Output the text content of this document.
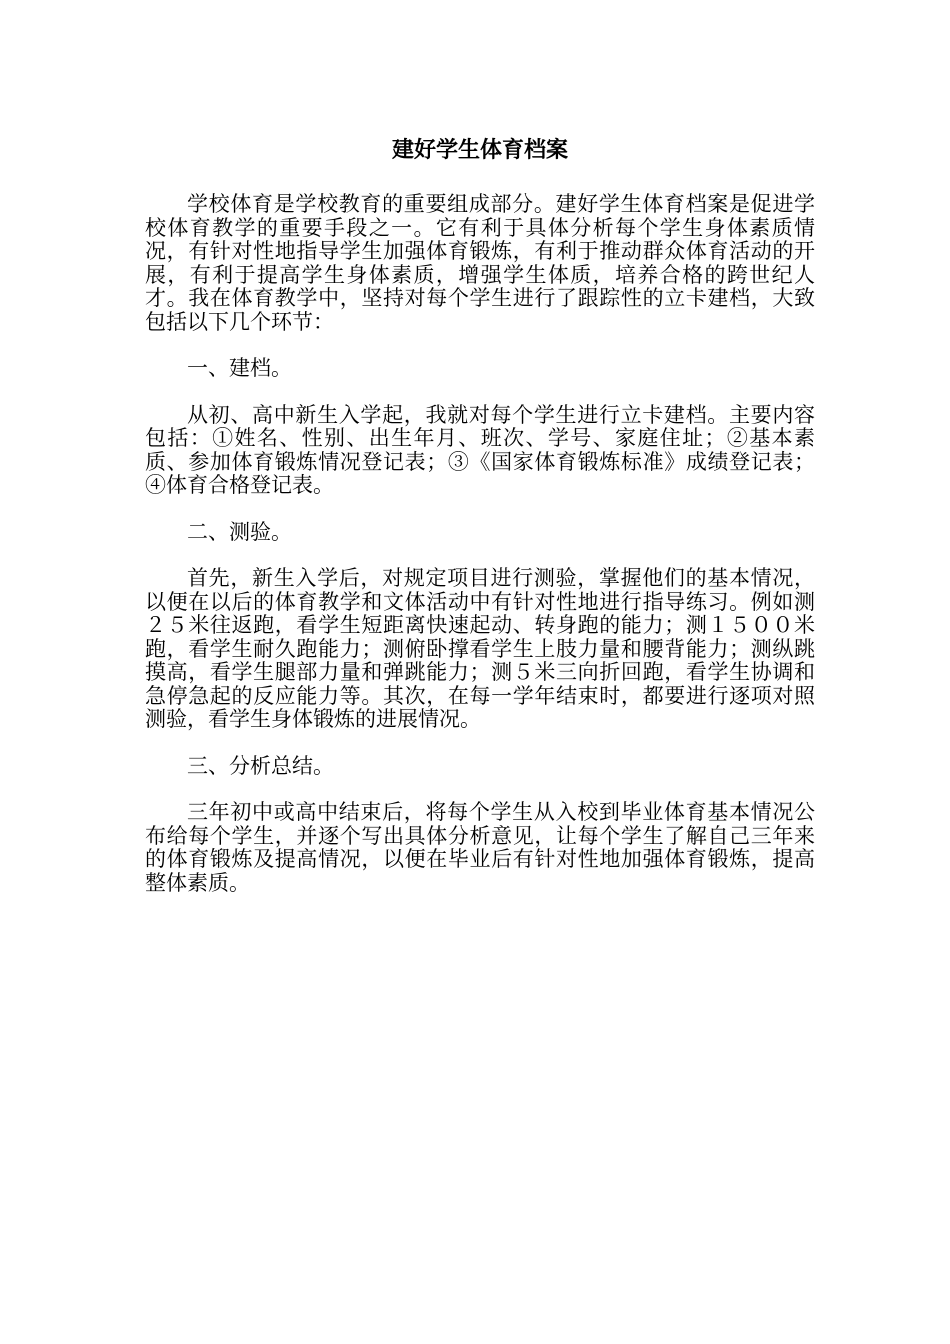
建好学生体育档案

学校体育是学校教育的重要组成部分。建好学生体育档案是促进学校体育教学的重要手段之一。它有利于具体分析每个学生身体素质情况，有针对性地指导学生加强体育锻炼，有利于推动群众体育活动的开展，有利于提高学生身体素质，增强学生体质，培养合格的跨世纪人才。我在体育教学中，坚持对每个学生进行了跟踪性的立卡建档，大致包括以下几个环节：

一、建档。

从初、高中新生入学起，我就对每个学生进行立卡建档。主要内容包括：①姓名、性别、出生年月、班次、学号、家庭住址；②基本素质、参加体育锻炼情况登记表；③《国家体育锻炼标准》成绩登记表；④体育合格登记表。

二、测验。

首先，新生入学后，对规定项目进行测验，掌握他们的基本情况，以便在以后的体育教学和文体活动中有针对性地进行指导练习。例如测２５米往返跑，看学生短距离快速起动、转身跑的能力；测１５００米跑，看学生耐久跑能力；测俯卧撑看学生上肢力量和腰背能力；测纵跳摸高，看学生腿部力量和弹跳能力；测５米三向折回跑，看学生协调和急停急起的反应能力等。其次，在每一学年结束时，都要进行逐项对照测验，看学生身体锻炼的进展情况。

三、分析总结。

三年初中或高中结束后，将每个学生从入校到毕业体育基本情况公布给每个学生，并逐个写出具体分析意见，让每个学生了解自己三年来的体育锻炼及提高情况，以便在毕业后有针对性地加强体育锻炼，提高整体素质。
